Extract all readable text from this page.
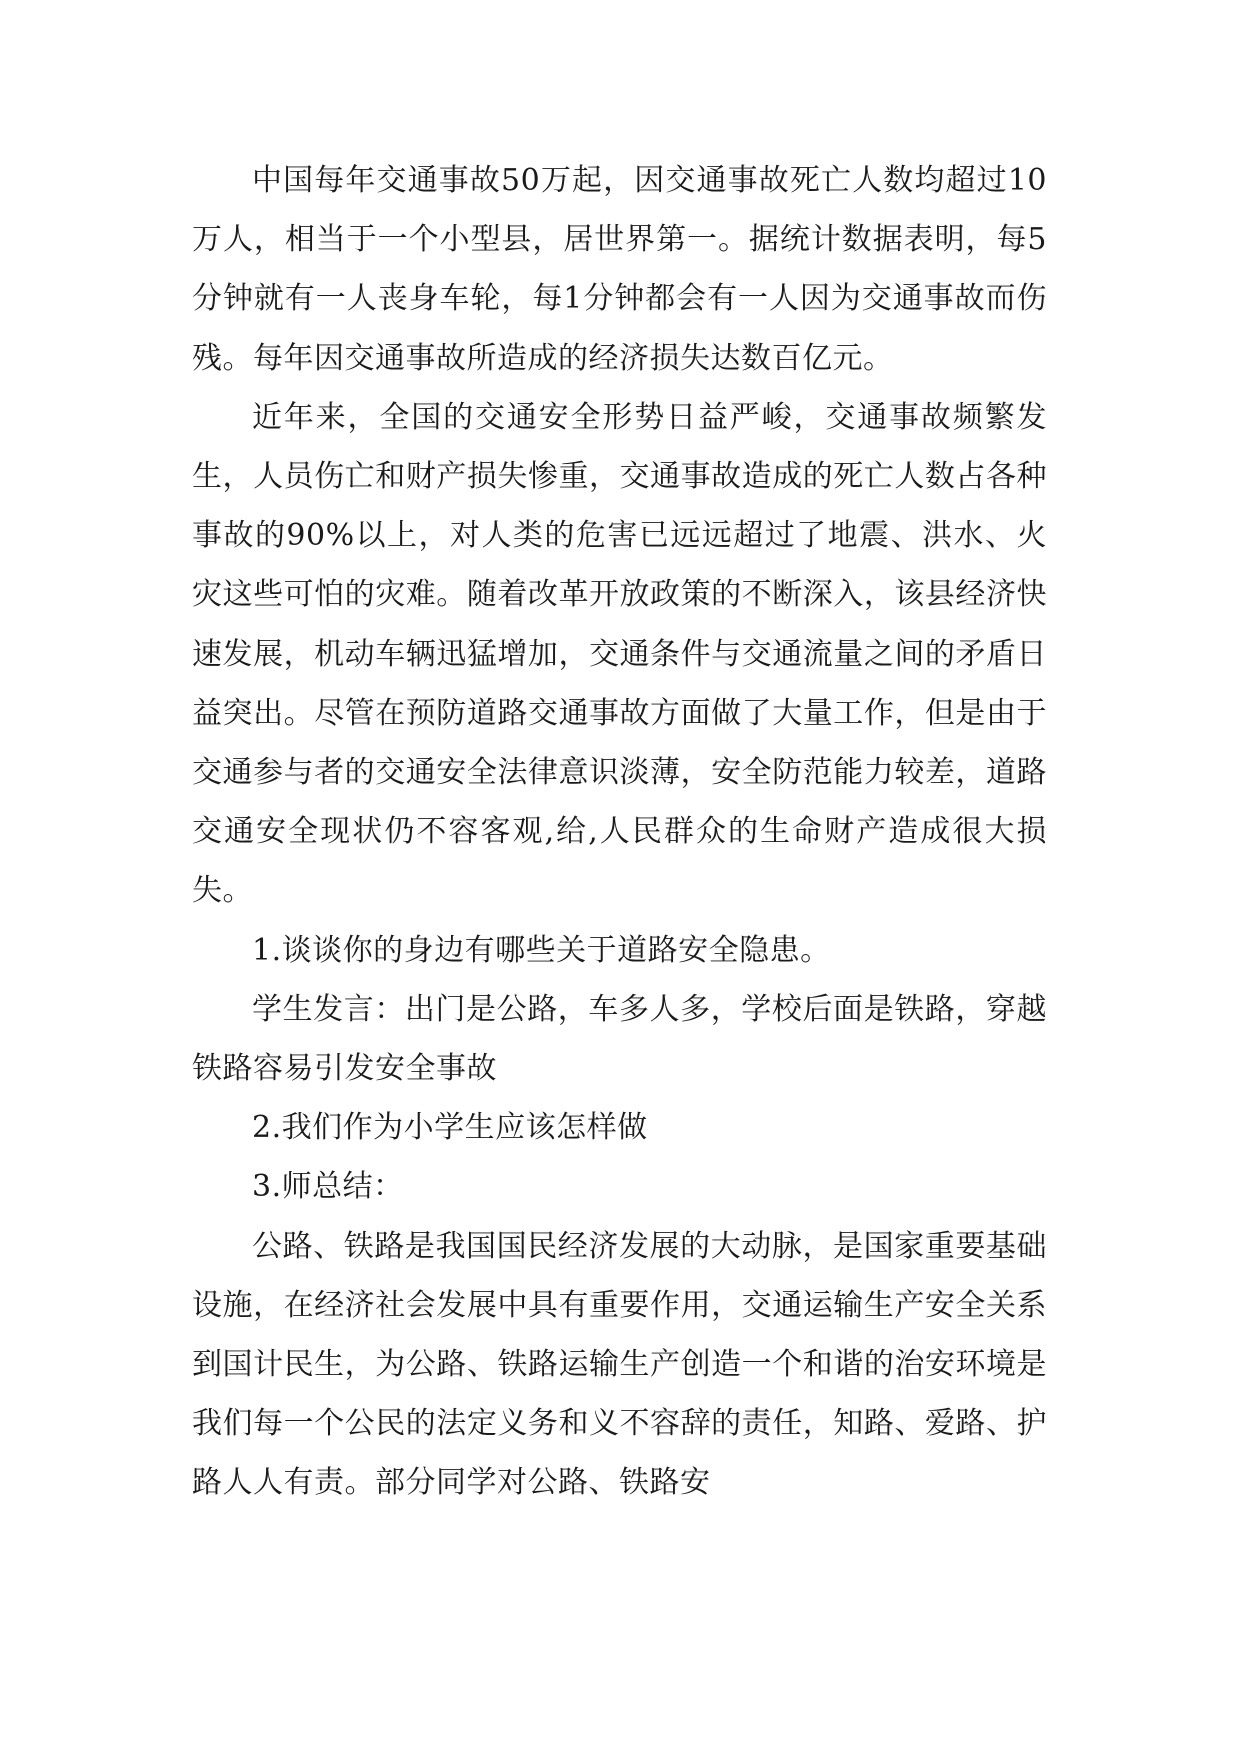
中国每年交通事故50万起，因交通事故死亡人数均超过10万人，相当于一个小型县，居世界第一。据统计数据表明，每5分钟就有一人丧身车轮，每1分钟都会有一人因为交通事故而伤残。每年因交通事故所造成的经济损失达数百亿元。

近年来，全国的交通安全形势日益严峻，交通事故频繁发生，人员伤亡和财产损失惨重，交通事故造成的死亡人数占各种事故的90%以上，对人类的危害已远远超过了地震、洪水、火灾这些可怕的灾难。随着改革开放政策的不断深入，该县经济快速发展，机动车辆迅猛增加，交通条件与交通流量之间的矛盾日益突出。尽管在预防道路交通事故方面做了大量工作，但是由于交通参与者的交通安全法律意识淡薄，安全防范能力较差，道路交通安全现状仍不容客观,给,人民群众的生命财产造成很大损失。

1.谈谈你的身边有哪些关于道路安全隐患。

学生发言：出门是公路，车多人多，学校后面是铁路，穿越铁路容易引发安全事故

2.我们作为小学生应该怎样做

3.师总结：

公路、铁路是我国国民经济发展的大动脉，是国家重要基础设施，在经济社会发展中具有重要作用，交通运输生产安全关系到国计民生，为公路、铁路运输生产创造一个和谐的治安环境是我们每一个公民的法定义务和义不容辞的责任，知路、爱路、护路人人有责。部分同学对公路、铁路安
